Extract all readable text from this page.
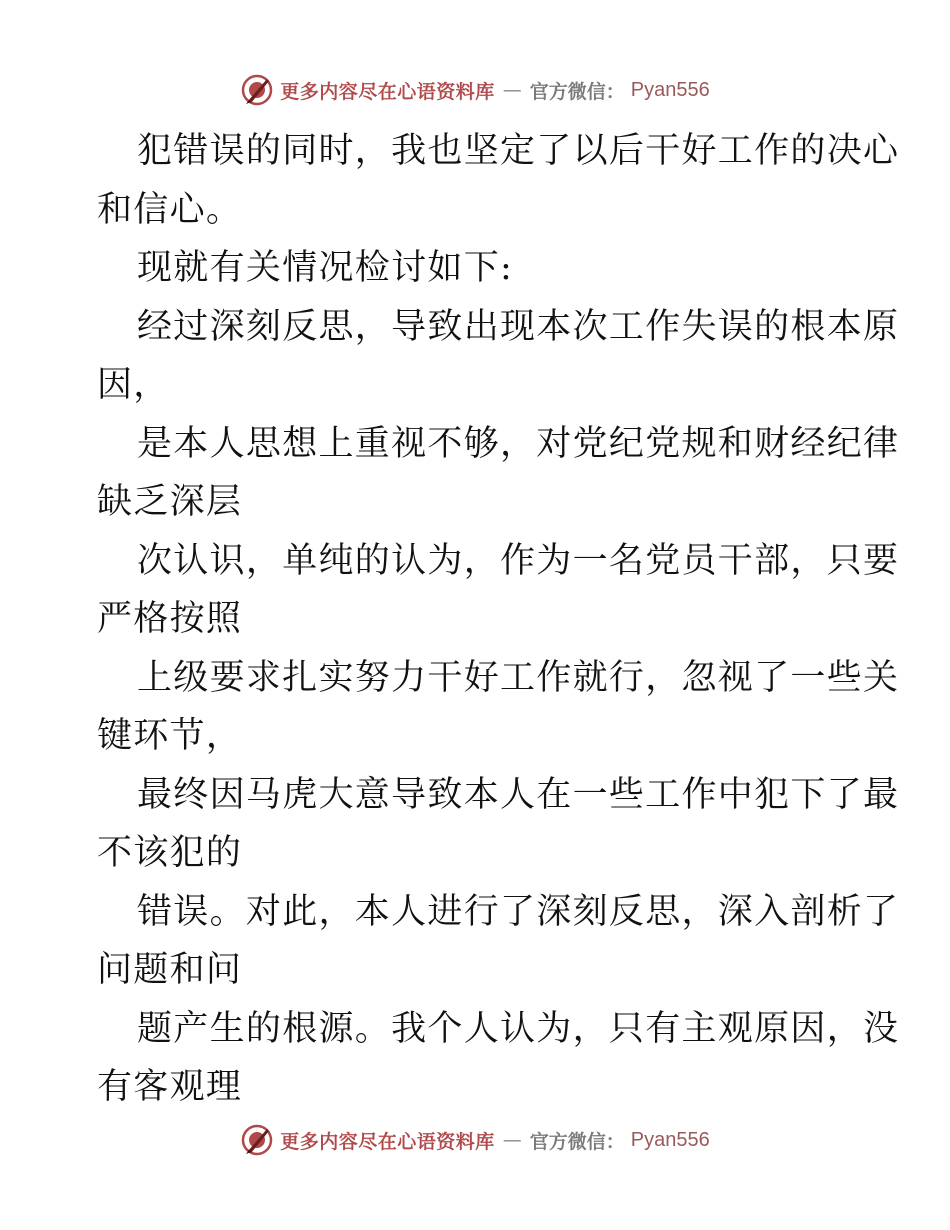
更多内容尽在心语资料库 — 官方微信： Pyan556
犯错误的同时，我也坚定了以后干好工作的决心
和信心。
现就有关情况检讨如下:
经过深刻反思，导致出现本次工作失误的根本原
因，
是本人思想上重视不够，对党纪党规和财经纪律
缺乏深层
次认识，单纯的认为，作为一名党员干部，只要
严格按照
上级要求扎实努力干好工作就行，忽视了一些关
键环节，
最终因马虎大意导致本人在一些工作中犯下了最
不该犯的
错误。对此，本人进行了深刻反思，深入剖析了
问题和问
题产生的根源。我个人认为，只有主观原因，没
有客观理
更多内容尽在心语资料库 — 官方微信： Pyan556
